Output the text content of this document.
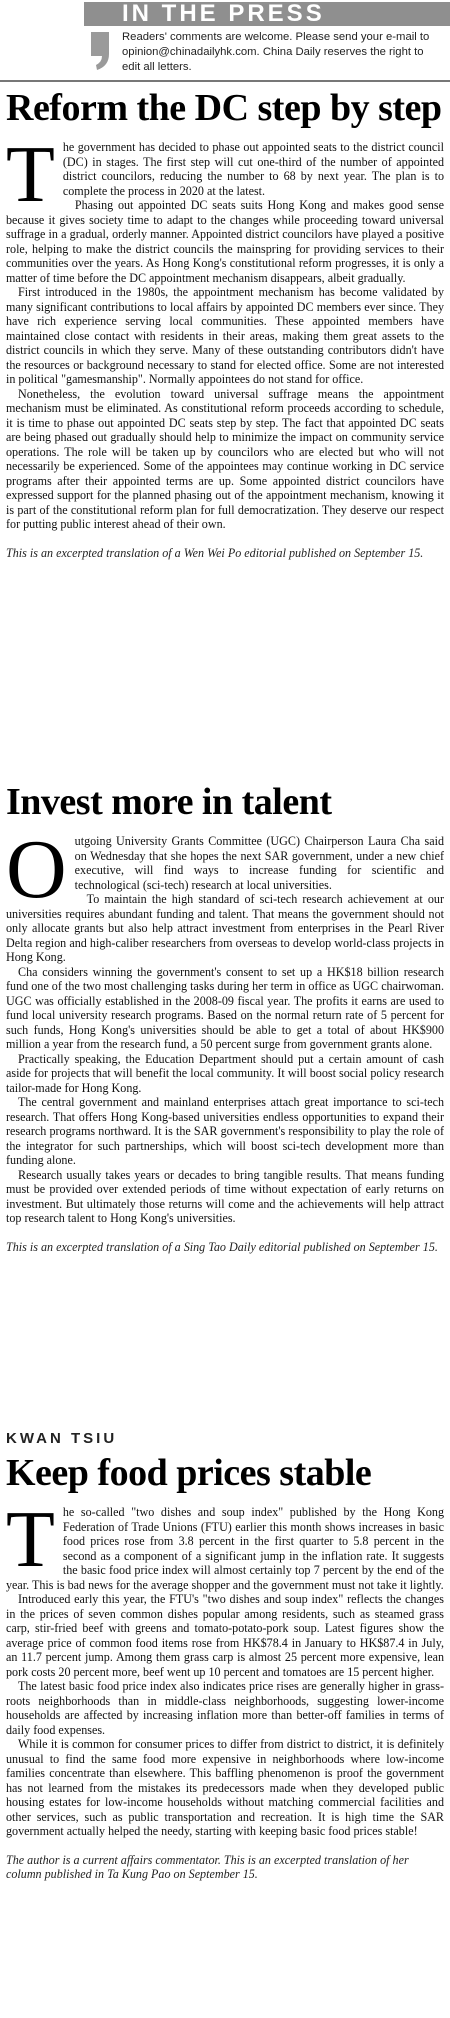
IN THE PRESS
Readers' comments are welcome. Please send your e-mail to opinion@chinadailyhk.com. China Daily reserves the right to edit all letters.
Reform the DC step by step
T he government has decided to phase out appointed seats to the district council (DC) in stages. The first step will cut one-third of the number of appointed district councilors, reducing the number to 68 by next year. The plan is to complete the process in 2020 at the latest.

Phasing out appointed DC seats suits Hong Kong and makes good sense because it gives society time to adapt to the changes while proceeding toward universal suffrage in a gradual, orderly manner. Appointed district councilors have played a positive role, helping to make the district councils the mainspring for providing services to their communities over the years. As Hong Kong's constitutional reform progresses, it is only a matter of time before the DC appointment mechanism disappears, albeit gradually.

First introduced in the 1980s, the appointment mechanism has become validated by many significant contributions to local affairs by appointed DC members ever since. They have rich experience serving local communities. These appointed members have maintained close contact with residents in their areas, making them great assets to the district councils in which they serve. Many of these outstanding contributors didn't have the resources or background necessary to stand for elected office. Some are not interested in political "gamesmanship". Normally appointees do not stand for office.

Nonetheless, the evolution toward universal suffrage means the appointment mechanism must be eliminated. As constitutional reform proceeds according to schedule, it is time to phase out appointed DC seats step by step. The fact that appointed DC seats are being phased out gradually should help to minimize the impact on community service operations. The role will be taken up by councilors who are elected but who will not necessarily be experienced. Some of the appointees may continue working in DC service programs after their appointed terms are up. Some appointed district councilors have expressed support for the planned phasing out of the appointment mechanism, knowing it is part of the constitutional reform plan for full democratization. They deserve our respect for putting public interest ahead of their own.

This is an excerpted translation of a Wen Wei Po editorial published on September 15.
Invest more in talent
O utgoing University Grants Committee (UGC) Chairperson Laura Cha said on Wednesday that she hopes the next SAR government, under a new chief executive, will find ways to increase funding for scientific and technological (sci-tech) research at local universities.

To maintain the high standard of sci-tech research achievement at our universities requires abundant funding and talent. That means the government should not only allocate grants but also help attract investment from enterprises in the Pearl River Delta region and high-caliber researchers from overseas to develop world-class projects in Hong Kong.

Cha considers winning the government's consent to set up a HK$18 billion research fund one of the two most challenging tasks during her term in office as UGC chairwoman. UGC was officially established in the 2008-09 fiscal year. The profits it earns are used to fund local university research programs. Based on the normal return rate of 5 percent for such funds, Hong Kong's universities should be able to get a total of about HK$900 million a year from the research fund, a 50 percent surge from government grants alone.

Practically speaking, the Education Department should put a certain amount of cash aside for projects that will benefit the local community. It will boost social policy research tailor-made for Hong Kong.

The central government and mainland enterprises attach great importance to sci-tech research. That offers Hong Kong-based universities endless opportunities to expand their research programs northward. It is the SAR government's responsibility to play the role of the integrator for such partnerships, which will boost sci-tech development more than funding alone.

Research usually takes years or decades to bring tangible results. That means funding must be provided over extended periods of time without expectation of early returns on investment. But ultimately those returns will come and the achievements will help attract top research talent to Hong Kong's universities.

This is an excerpted translation of a Sing Tao Daily editorial published on September 15.
KWAN TSIU
Keep food prices stable
T he so-called "two dishes and soup index" published by the Hong Kong Federation of Trade Unions (FTU) earlier this month shows increases in basic food prices rose from 3.8 percent in the first quarter to 5.8 percent in the second as a component of a significant jump in the inflation rate. It suggests the basic food price index will almost certainly top 7 percent by the end of the year. This is bad news for the average shopper and the government must not take it lightly.

Introduced early this year, the FTU's "two dishes and soup index" reflects the changes in the prices of seven common dishes popular among residents, such as steamed grass carp, stir-fried beef with greens and tomato-potato-pork soup. Latest figures show the average price of common food items rose from HK$78.4 in January to HK$87.4 in July, an 11.7 percent jump. Among them grass carp is almost 25 percent more expensive, lean pork costs 20 percent more, beef went up 10 percent and tomatoes are 15 percent higher.

The latest basic food price index also indicates price rises are generally higher in grass-roots neighborhoods than in middle-class neighborhoods, suggesting lower-income households are affected by increasing inflation more than better-off families in terms of daily food expenses.

While it is common for consumer prices to differ from district to district, it is definitely unusual to find the same food more expensive in neighborhoods where low-income families concentrate than elsewhere. This baffling phenomenon is proof the government has not learned from the mistakes its predecessors made when they developed public housing estates for low-income households without matching commercial facilities and other services, such as public transportation and recreation. It is high time the SAR government actually helped the needy, starting with keeping basic food prices stable!

The author is a current affairs commentator. This is an excerpted translation of her column published in Ta Kung Pao on September 15.
